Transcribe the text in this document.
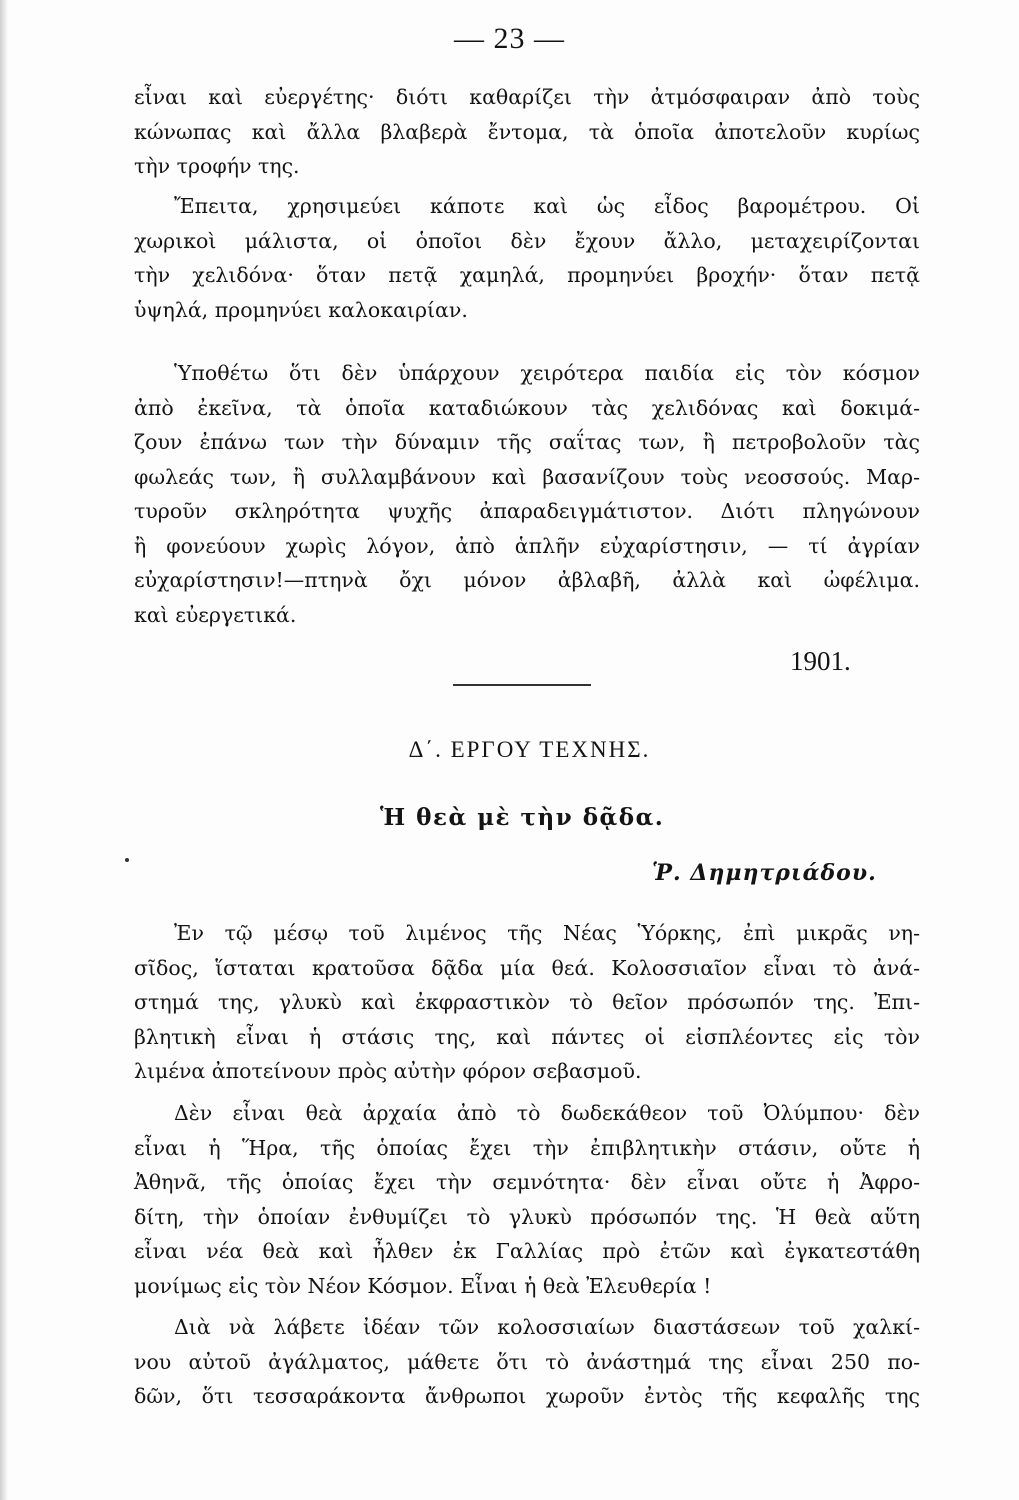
— 23 —

εἶναι καὶ εὐεργέτης· διότι καθαρίζει τὴν ἀτμόσφαιραν ἀπὸ τοὺς
κώνωπας καὶ ἄλλα βλαβερὰ ἔντομα, τὰ ὁποῖα ἀποτελοῦν κυρίως
τὴν τροφήν της.

Ἔπειτα, χρησιμεύει κάποτε καὶ ὡς εἶδος βαρομέτρου. Οἱ
χωρικοὶ μάλιστα, οἱ ὁποῖοι δὲν ἔχουν ἄλλο, μεταχειρίζονται
τὴν χελιδόνα· ὅταν πετᾷ χαμηλά, προμηνύει βροχήν· ὅταν πετᾷ
ὑψηλά, προμηνύει καλοκαιρίαν.

Ὑποθέτω ὅτι δὲν ὑπάρχουν χειρότερα παιδία εἰς τὸν κόσμον
ἀπὸ ἐκεῖνα, τὰ ὁποῖα καταδιώκουν τὰς χελιδόνας καὶ δοκιμά-
ζουν ἐπάνω των τὴν δύναμιν τῆς σαΐτας των, ἢ πετροβολοῦν τὰς
φωλεάς των, ἢ συλλαμβάνουν καὶ βασανίζουν τοὺς νεοσσούς. Μαρ-
τυροῦν σκληρότητα ψυχῆς ἀπαραδειγμάτιστον. Διότι πληγώνουν
ἢ φονεύουν χωρὶς λόγον, ἀπὸ ἁπλῆν εὐχαρίστησιν, — τί ἀγρίαν
εὐχαρίστησιν!—πτηνὰ ὄχι μόνον ἀβλαβῆ, ἀλλὰ καὶ ὠφέλιμα.
καὶ εὐεργετικά.

1901.
Δ΄. ΕΡΓΟΥ ΤΕΧΝΗΣ.
Ἡ θεὰ μὲ τὴν δᾷδα.
Ῥ. Δημητριάδου.

Ἐν τῷ μέσῳ τοῦ λιμένος τῆς Νέας Ὑόρκης, ἐπὶ μικρᾶς νη-
σῖδος, ἵσταται κρατοῦσα δᾷδα μία θεά. Κολοσσιαῖον εἶναι τὸ ἀνά-
στημά της, γλυκὺ καὶ ἐκφραστικὸν τὸ θεῖον πρόσωπόν της. Ἐπι-
βλητικὴ εἶναι ἡ στάσις της, καὶ πάντες οἱ εἰσπλέοντες εἰς τὸν
λιμένα ἀποτείνουν πρὸς αὐτὴν φόρον σεβασμοῦ.

Δὲν εἶναι θεὰ ἀρχαία ἀπὸ τὸ δωδεκάθεον τοῦ Ὀλύμπου· δὲν
εἶναι ἡ Ἥρα, τῆς ὁποίας ἔχει τὴν ἐπιβλητικὴν στάσιν, οὔτε ἡ
Ἀθηνᾶ, τῆς ὁποίας ἔχει τὴν σεμνότητα· δὲν εἶναι οὔτε ἡ Ἀφρο-
δίτη, τὴν ὁποίαν ἐνθυμίζει τὸ γλυκὺ πρόσωπόν της. Ἡ θεὰ αὕτη
εἶναι νέα θεὰ καὶ ἦλθεν ἐκ Γαλλίας πρὸ ἐτῶν καὶ ἐγκατεστάθη
μονίμως εἰς τὸν Νέον Κόσμον. Εἶναι ἡ θεὰ Ἐλευθερία !

Διὰ νὰ λάβετε ἰδέαν τῶν κολοσσιαίων διαστάσεων τοῦ χαλκί-
νου αὐτοῦ ἀγάλματος, μάθετε ὅτι τὸ ἀνάστημά της εἶναι 250 πο-
δῶν, ὅτι τεσσαράκοντα ἄνθρωποι χωροῦν ἐντὸς τῆς κεφαλῆς της
